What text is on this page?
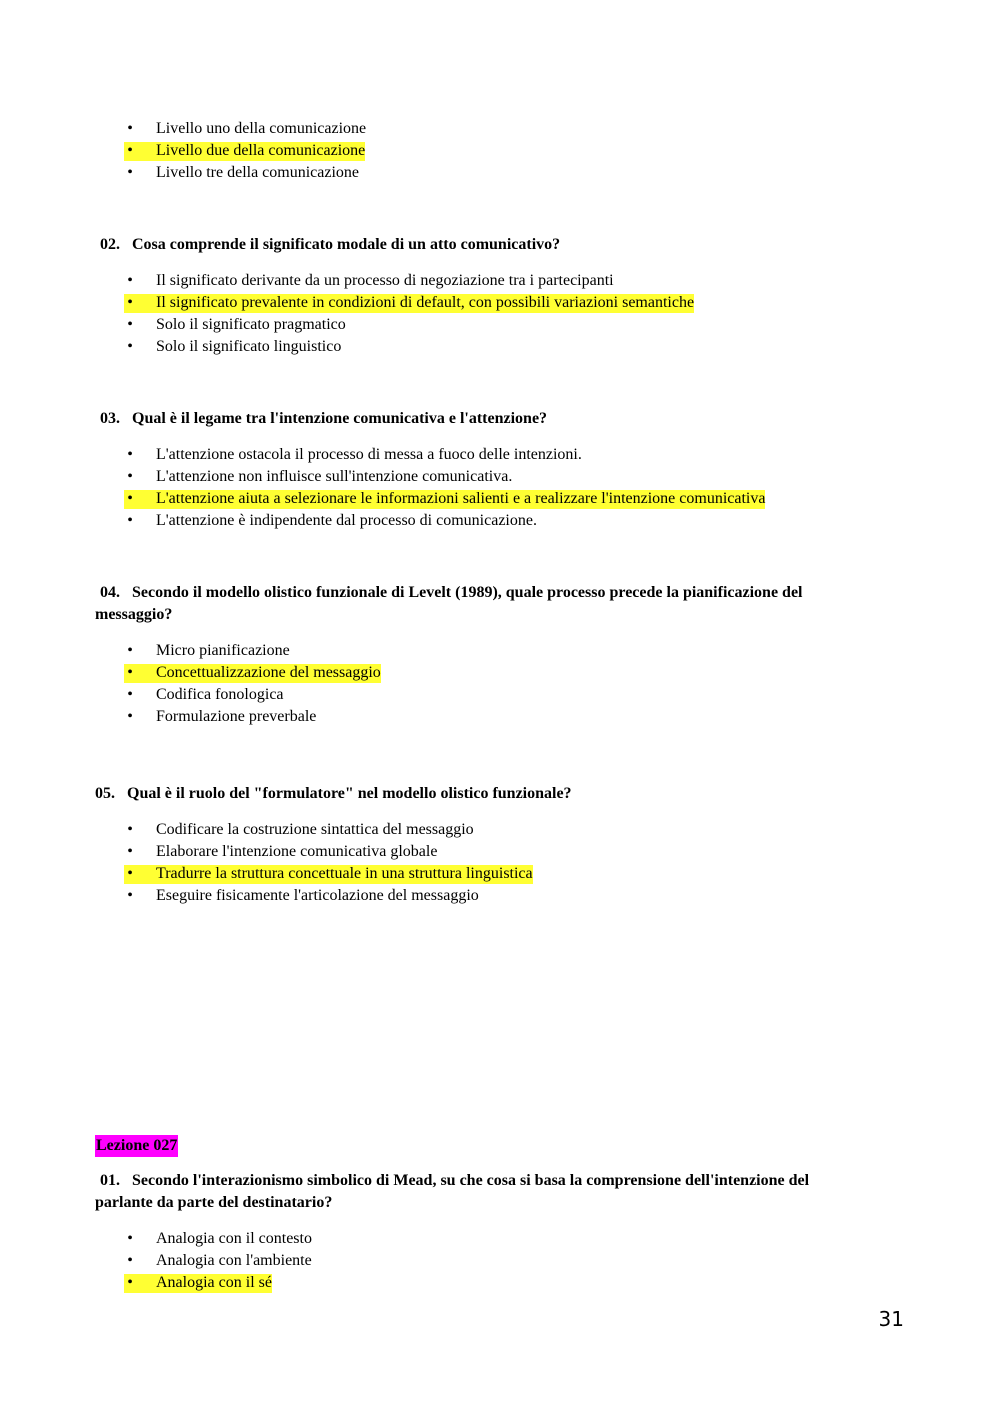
• Livello uno della comunicazione
• Livello due della comunicazione
• Livello tre della comunicazione

02. Cosa comprende il significato modale di un atto comunicativo?

• Il significato derivante da un processo di negoziazione tra i partecipanti
• Il significato prevalente in condizioni di default, con possibili variazioni semantiche
• Solo il significato pragmatico
• Solo il significato linguistico

03. Qual è il legame tra l'intenzione comunicativa e l'attenzione?

• L'attenzione ostacola il processo di messa a fuoco delle intenzioni.
• L'attenzione non influisce sull'intenzione comunicativa.
• L'attenzione aiuta a selezionare le informazioni salienti e a realizzare l'intenzione comunicativa
• L'attenzione è indipendente dal processo di comunicazione.

04. Secondo il modello olistico funzionale di Levelt (1989), quale processo precede la pianificazione del messaggio?

• Micro pianificazione
• Concettualizzazione del messaggio
• Codifica fonologica
• Formulazione preverbale

05. Qual è il ruolo del "formulatore" nel modello olistico funzionale?

• Codificare la costruzione sintattica del messaggio
• Elaborare l'intenzione comunicativa globale
• Tradurre la struttura concettuale in una struttura linguistica
• Eseguire fisicamente l'articolazione del messaggio
Lezione 027

01. Secondo l'interazionismo simbolico di Mead, su che cosa si basa la comprensione dell'intenzione del parlante da parte del destinatario?

• Analogia con il contesto
• Analogia con l'ambiente
• Analogia con il sé
31
